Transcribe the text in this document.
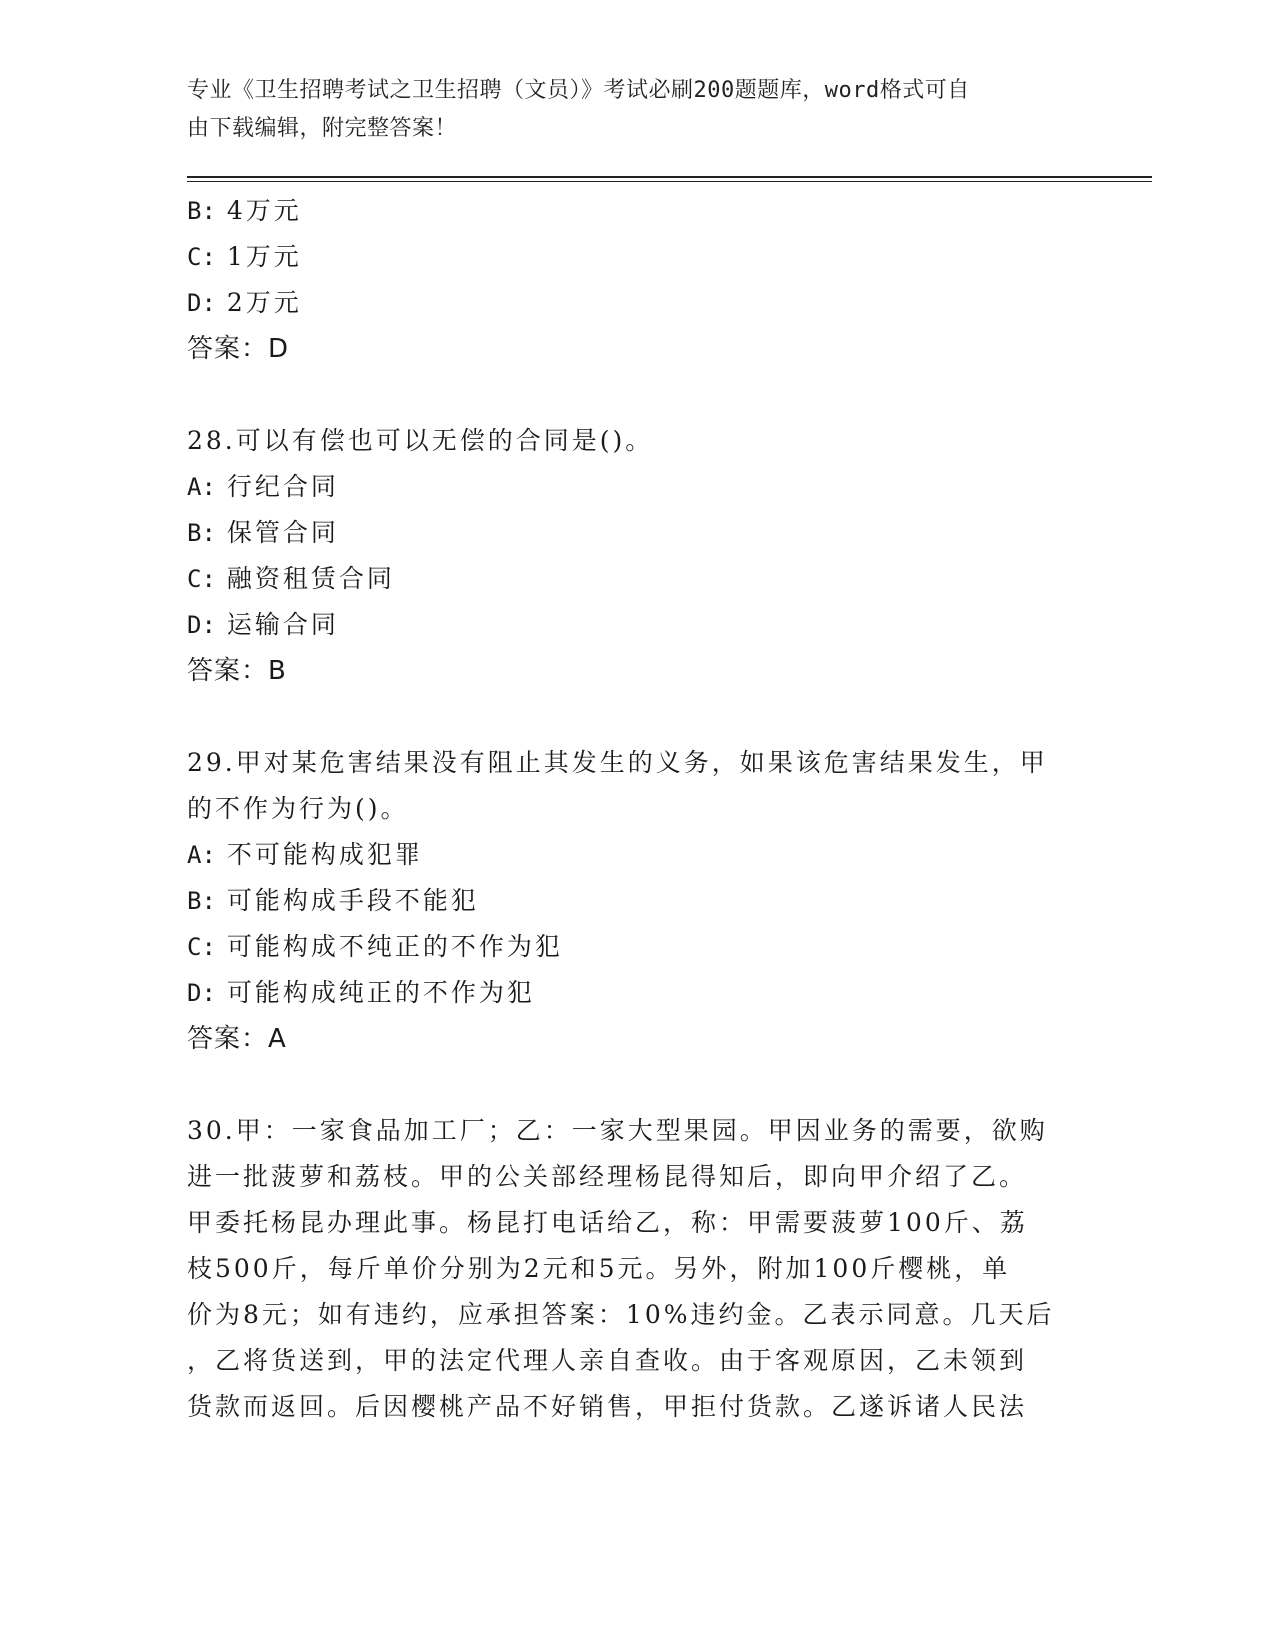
专业《卫生招聘考试之卫生招聘（文员）》考试必刷200题题库，word格式可自
由下载编辑，附完整答案！
B: 4万元
C: 1万元
D: 2万元
答案：D
28.可以有偿也可以无偿的合同是()。
A: 行纪合同
B: 保管合同
C: 融资租赁合同
D: 运输合同
答案：B
29.甲对某危害结果没有阻止其发生的义务，如果该危害结果发生，甲
的不作为行为()。
A: 不可能构成犯罪
B: 可能构成手段不能犯
C: 可能构成不纯正的不作为犯
D: 可能构成纯正的不作为犯
答案：A
30.甲：一家食品加工厂；乙：一家大型果园。甲因业务的需要，欲购
进一批菠萝和荔枝。甲的公关部经理杨昆得知后，即向甲介绍了乙。
甲委托杨昆办理此事。杨昆打电话给乙，称：甲需要菠萝100斤、荔
枝500斤，每斤单价分别为2元和5元。另外，附加100斤樱桃，单
价为8元；如有违约，应承担答案：10%违约金。乙表示同意。几天后
，乙将货送到，甲的法定代理人亲自查收。由于客观原因，乙未领到
货款而返回。后因樱桃产品不好销售，甲拒付货款。乙遂诉诸人民法
